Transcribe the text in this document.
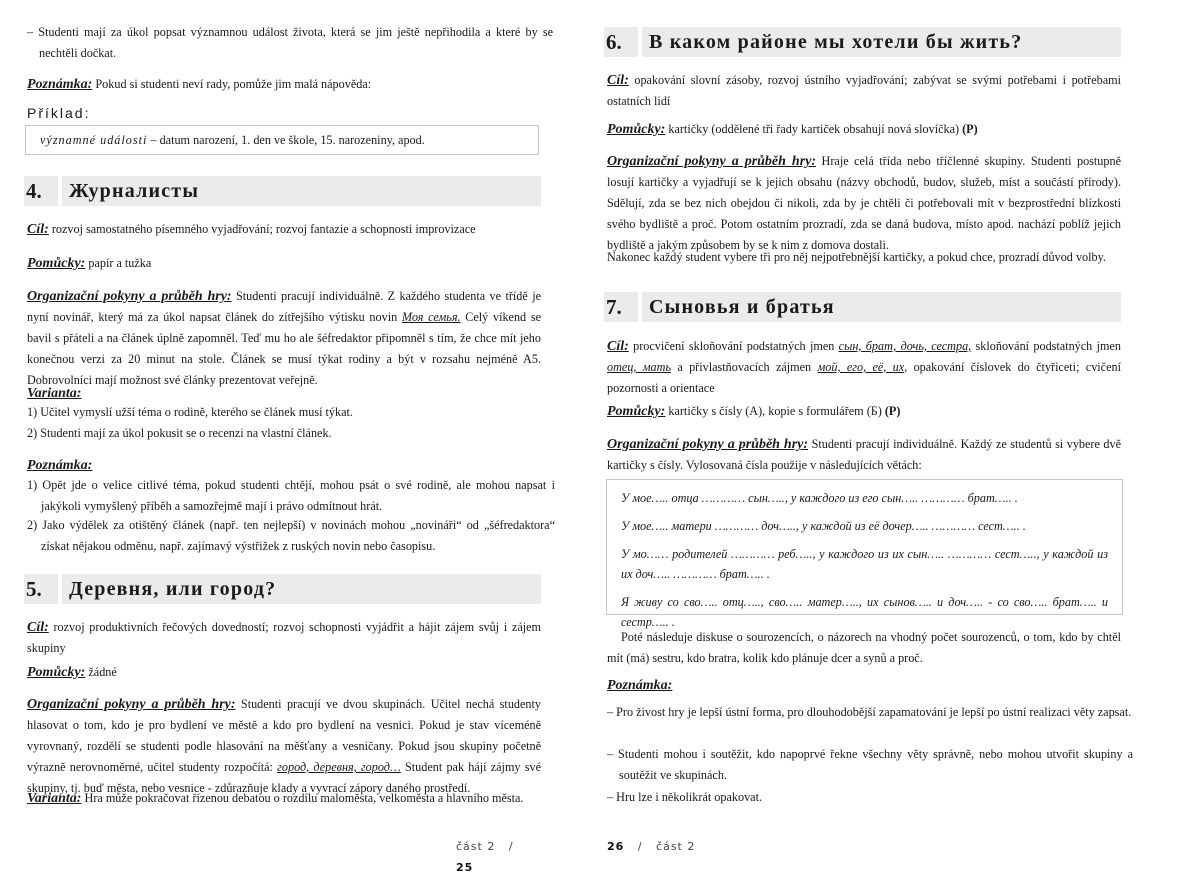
– Studenti mají za úkol popsat významnou událost života, která se jim ještě nepřihodila a které by se nechtěli dočkat.

Poznámka: Pokud si studenti neví rady, pomůže jim malá nápověda:

Příklad:
významné události – datum narození, 1. den ve škole, 15. narozeniny, apod.
4.	Журналисты

Cíl: rozvoj samostatného písemného vyjadřování; rozvoj fantazie a schopnosti improvizace

Pomůcky: papír a tužka

Organizační pokyny a průběh hry: Studenti pracují individuálně. Z každého studenta ve třídě je nyní novinář, který má za úkol napsat článek do zítřejšího výtisku novin Моя семья. Celý víkend se bavil s přáteli a na článek úplně zapomněl. Teď mu ho ale šéfredaktor připomněl s tím, že chce mít jeho konečnou verzi za 20 minut na stole. Článek se musí týkat rodiny a být v rozsahu nejméně A5. Dobrovolníci mají možnost své články prezentovat veřejně.

Varianta:

1) Učitel vymyslí užší téma o rodině, kterého se článek musí týkat.

2) Studenti mají za úkol pokusit se o recenzi na vlastní článek.

Poznámka:

1) Opět jde o velice citlivé téma, pokud studenti chtějí, mohou psát o své rodině, ale mohou napsat i jakýkoli vymyšlený příběh a samozřejmě mají i právo odmítnout hrát.

2) Jako výdělek za otištěný článek (např. ten nejlepší) v novinách mohou „novináři“ od „šéfredaktora“ získat nějakou odměnu, např. zajímavý výstřižek z ruských novin nebo časopisu.

5.	Деревня, или город?

Cíl: rozvoj produktivních řečových dovedností; rozvoj schopnosti vyjádřit a hájit zájem svůj i zájem skupiny

Pomůcky: žádné

Organizační pokyny a průběh hry: Studenti pracují ve dvou skupinách. Učitel nechá studenty hlasovat o tom, kdo je pro bydlení ve městě a kdo pro bydlení na vesnici. Pokud je stav víceméně vyrovnaný, rozdělí se studenti podle hlasování na měšťany a vesničany. Pokud jsou skupiny početně výrazně nerovnoměrné, učitel studenty rozpočítá: город, деревня, город… Student pak hájí zájmy své skupiny, tj. buď města, nebo vesnice - zdůrazňuje klady a vyvrací zápory daného prostředí.

Varianta: Hra může pokračovat řízenou debatou o rozdílu maloměsta, velkoměsta a hlavního města.

část 2 /   25
6.	В каком районе мы хотели бы жить?

Cíl: opakování slovní zásoby, rozvoj ústního vyjadřování; zabývat se svými potřebami i potřebami ostatních lidí

Pomůcky: kartičky (oddělené tři řady kartiček obsahují nová slovíčka) (P)

Organizační pokyny a průběh hry: Hraje celá třída nebo tříčlenné skupiny. Studenti postupně losují kartičky a vyjadřují se k jejich obsahu (názvy obchodů, budov, služeb, míst a součástí přírody). Sdělují, zda se bez nich obejdou či nikoli, zda by je chtěli či potřebovali mít v bezprostřední blízkosti svého bydliště a proč. Potom ostatním prozradí, zda se daná budova, místo apod. nachází poblíž jejich bydliště a jakým způsobem by se k nim z domova dostali.

Nakonec každý student vybere tři pro něj nejpotřebnější kartičky, a pokud chce, prozradí důvod volby.

7.	Сыновья и братья

Cíl: procvičení skloňování podstatných jmen сын, брат, дочь, сестра, skloňování podstatných jmen отец, мать a přivlastňovacích zájmen мой, его, её, их, opakování číslovek do čtyřiceti; cvičení pozornosti a orientace

Pomůcky: kartičky s čísly (A), kopie s formulářem (Б) (P)

Organizační pokyny a průběh hry: Studenti pracují individuálně. Každý ze studentů si vybere dvě kartičky s čísly. Vylosovaná čísla použije v následujících větách:

У мое….. отца ………… сын….., у каждого из его сын….. ………… брат….. .

У мое….. матери ………… доч….., у каждой из её дочер….. ………… сест….. .

У мо…… родителей ………… реб….., у каждого из их сын….. ………… сест….., у каждой из их доч….. ………… брат….. .

Я живу со сво….. отц….., сво….. матер….., их сынов….. и доч….. - со сво….. брат….. и сестр….. .

Poté následuje diskuse o sourozencích, o názorech na vhodný počet sourozenců, o tom, kdo by chtěl mít (má) sestru, kdo bratra, kolik kdo plánuje dcer a synů a proč.

Poznámka:

– Pro živost hry je lepší ústní forma, pro dlouhodobější zapamatování je lepší po ústní realizaci věty zapsat.

– Studenti mohou i soutěžit, kdo napoprvé řekne všechny věty správně, nebo mohou utvořit skupiny a soutěžit ve skupinách.

– Hru lze i několikrát opakovat.

26 / část 2
